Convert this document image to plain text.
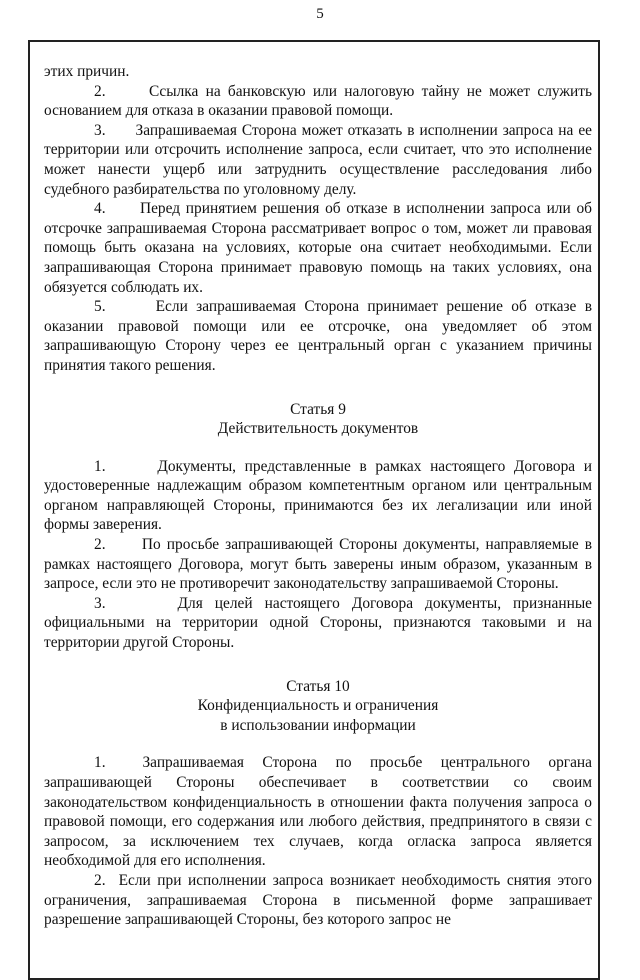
5

этих причин.

2.      Ссылка на банковскую или налоговую тайну не может служить основанием для отказа в оказании правовой помощи.

3.      Запрашиваемая Сторона может отказать в исполнении запроса на ее территории или отсрочить исполнение запроса, если считает, что это исполнение может нанести ущерб или затруднить осуществление расследования либо судебного разбирательства по уголовному делу.

4.      Перед принятием решения об отказе в исполнении запроса или об отсрочке запрашиваемая Сторона рассматривает вопрос о том, может ли правовая помощь быть оказана на условиях, которые она считает необходимыми. Если запрашивающая Сторона принимает правовую помощь на таких условиях, она обязуется соблюдать их.

5.      Если запрашиваемая Сторона принимает решение об отказе в оказании правовой помощи или ее отсрочке, она уведомляет об этом запрашивающую Сторону через ее центральный орган с указанием причины принятия такого решения.

Статья 9

Действительность документов

1.      Документы, представленные в рамках настоящего Договора и удостоверенные надлежащим образом компетентным органом или центральным органом направляющей Стороны, принимаются без их легализации или иной формы заверения.

2.      По просьбе запрашивающей Стороны документы, направляемые в рамках настоящего Договора, могут быть заверены иным образом, указанным в запросе, если это не противоречит законодательству запрашиваемой Стороны.

3.      Для целей настоящего Договора документы, признанные официальными на территории одной Стороны, признаются таковыми и на территории другой Стороны.

Статья 10

Конфиденциальность и ограничения

в использовании информации

1.  Запрашиваемая Сторона по просьбе центрального органа запрашивающей Стороны обеспечивает в соответствии со своим законодательством конфиденциальность в отношении факта получения запроса о правовой помощи, его содержания или любого действия, предпринятого в связи с запросом, за исключением тех случаев, когда огласка запроса является необходимой для его исполнения.

2.  Если при исполнении запроса возникает необходимость снятия этого ограничения, запрашиваемая Сторона в письменной форме запрашивает разрешение запрашивающей Стороны, без которого запрос не
